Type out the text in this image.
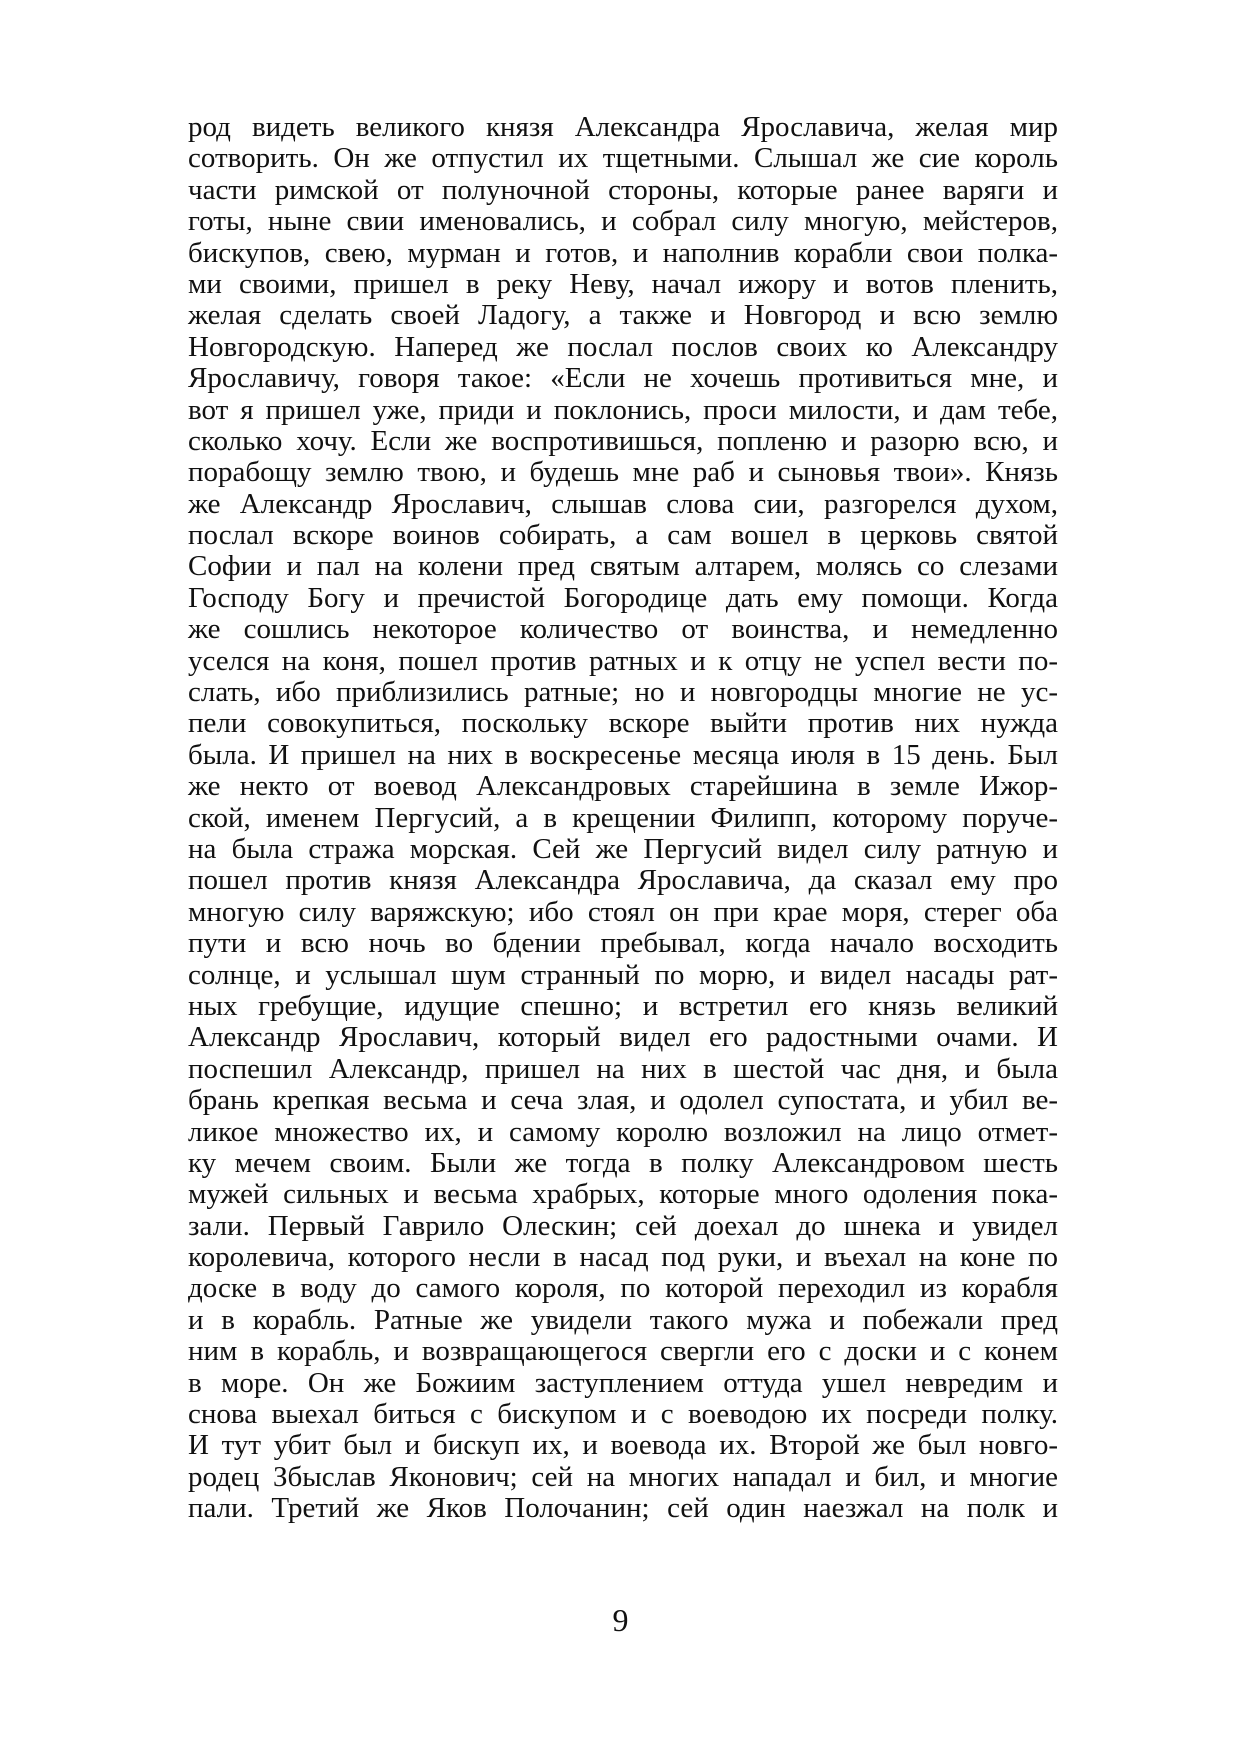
род видеть великого князя Александра Ярославича, желая мир
сотворить. Он же отпустил их тщетными. Слышал же сие король
части римской от полуночной стороны, которые ранее варяги и
готы, ныне свии именовались, и собрал силу многую, мейстеров,
бискупов, свею, мурман и готов, и наполнив корабли свои полка-
ми своими, пришел в реку Неву, начал ижору и вотов пленить,
желая сделать своей Ладогу, а также и Новгород и всю землю
Новгородскую. Наперед же послал послов своих ко Александру
Ярославичу, говоря такое: «Если не хочешь противиться мне, и
вот я пришел уже, приди и поклонись, проси милости, и дам тебе,
сколько хочу. Если же воспротивишься, попленю и разорю всю, и
порабощу землю твою, и будешь мне раб и сыновья твои». Князь
же Александр Ярославич, слышав слова сии, разгорелся духом,
послал вскоре воинов собирать, а сам вошел в церковь святой
Софии и пал на колени пред святым алтарем, молясь со слезами
Господу Богу и пречистой Богородице дать ему помощи. Когда
же сошлись некоторое количество от воинства, и немедленно
уселся на коня, пошел против ратных и к отцу не успел вести по-
слать, ибо приблизились ратные; но и новгородцы многие не ус-
пели совокупиться, поскольку вскоре выйти против них нужда
была. И пришел на них в воскресенье месяца июля в 15 день. Был
же некто от воевод Александровых старейшина в земле Ижор-
ской, именем Пергусий, а в крещении Филипп, которому поруче-
на была стража морская. Сей же Пергусий видел силу ратную и
пошел против князя Александра Ярославича, да сказал ему про
многую силу варяжскую; ибо стоял он при крае моря, стерег оба
пути и всю ночь во бдении пребывал, когда начало восходить
солнце, и услышал шум странный по морю, и видел насады рат-
ных гребущие, идущие спешно; и встретил его князь великий
Александр Ярославич, который видел его радостными очами. И
поспешил Александр, пришел на них в шестой час дня, и была
брань крепкая весьма и сеча злая, и одолел супостата, и убил ве-
ликое множество их, и самому королю возложил на лицо отмет-
ку мечем своим. Были же тогда в полку Александровом шесть
мужей сильных и весьма храбрых, которые много одоления пока-
зали. Первый Гаврило Олескин; сей доехал до шнека и увидел
королевича, которого несли в насад под руки, и въехал на коне по
доске в воду до самого короля, по которой переходил из корабля
и в корабль. Ратные же увидели такого мужа и побежали пред
ним в корабль, и возвращающегося свергли его с доски и с конем
в море. Он же Божиим заступлением оттуда ушел невредим и
снова выехал биться с бискупом и с воеводою их посреди полку.
И тут убит был и бискуп их, и воевода их. Второй же был новго-
родец Збыслав Яконович; сей на многих нападал и бил, и многие
пали. Третий же Яков Полочанин; сей один наезжал на полк и
9
